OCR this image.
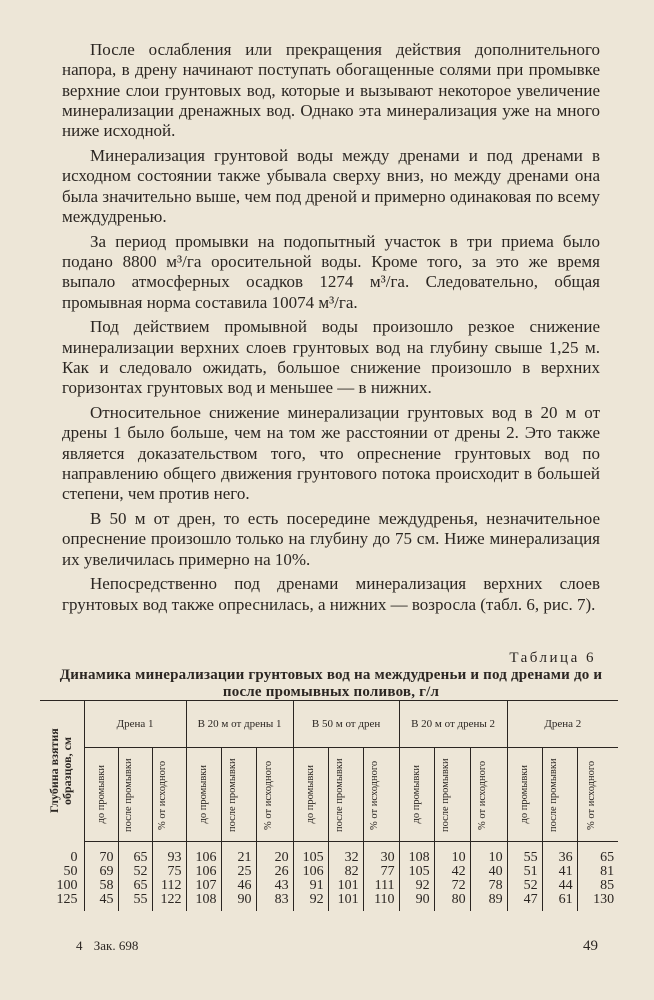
После ослабления или прекращения действия дополнительного напора, в дрену начинают поступать обогащенные солями при промывке верхние слои грунтовых вод, которые и вызывают некоторое увеличение минерализации дренажных вод. Однако эта минерализация уже на много ниже исходной.

Минерализация грунтовой воды между дренами и под дренами в исходном состоянии также убывала сверху вниз, но между дренами она была значительно выше, чем под дреной и примерно одинаковая по всему междудренью.

За период промывки на подопытный участок в три приема было подано 8800 м³/га оросительной воды. Кроме того, за это же время выпало атмосферных осадков 1274 м³/га. Следовательно, общая промывная норма составила 10074 м³/га.

Под действием промывной воды произошло резкое снижение минерализации верхних слоев грунтовых вод на глубину свыше 1,25 м. Как и следовало ожидать, большое снижение произошло в верхних горизонтах грунтовых вод и меньшее — в нижних.

Относительное снижение минерализации грунтовых вод в 20 м от дрены 1 было больше, чем на том же расстоянии от дрены 2. Это также является доказательством того, что опреснение грунтовых вод по направлению общего движения грунтового потока происходит в большей степени, чем против него.

В 50 м от дрен, то есть посередине междудренья, незначительное опреснение произошло только на глубину до 75 см. Ниже минерализация их увеличилась примерно на 10%.

Непосредственно под дренами минерализация верхних слоев грунтовых вод также опреснилась, а нижних — возросла (табл. 6, рис. 7).

Таблица 6
Динамика минерализации грунтовых вод на междудреньи и под дренами до и после промывных поливов, г/л
Глубина взятия образцов, см	Дрена 1			В 20 м от дрены 1			В 50 м от дрен			В 20 м от дрены 2			Дрена 2		

	до промывки	после промывки	% от исходного	до промывки	после промывки	% от исходного	до промывки	после промывки	% от исходного	до промывки	после промывки	% от исходного	до промывки	после промывки	% от исходного

0	70	65	93	106	21	20	105	32	30	108	10	10	55	36	65
50	69	52	75	106	25	26	106	82	77	105	42	40	51	41	81
100	58	65	112	107	46	43	91	101	111	92	72	78	52	44	85
125	45	55	122	108	90	83	92	101	110	90	80	89	47	61	130
4 Зак. 698	49
